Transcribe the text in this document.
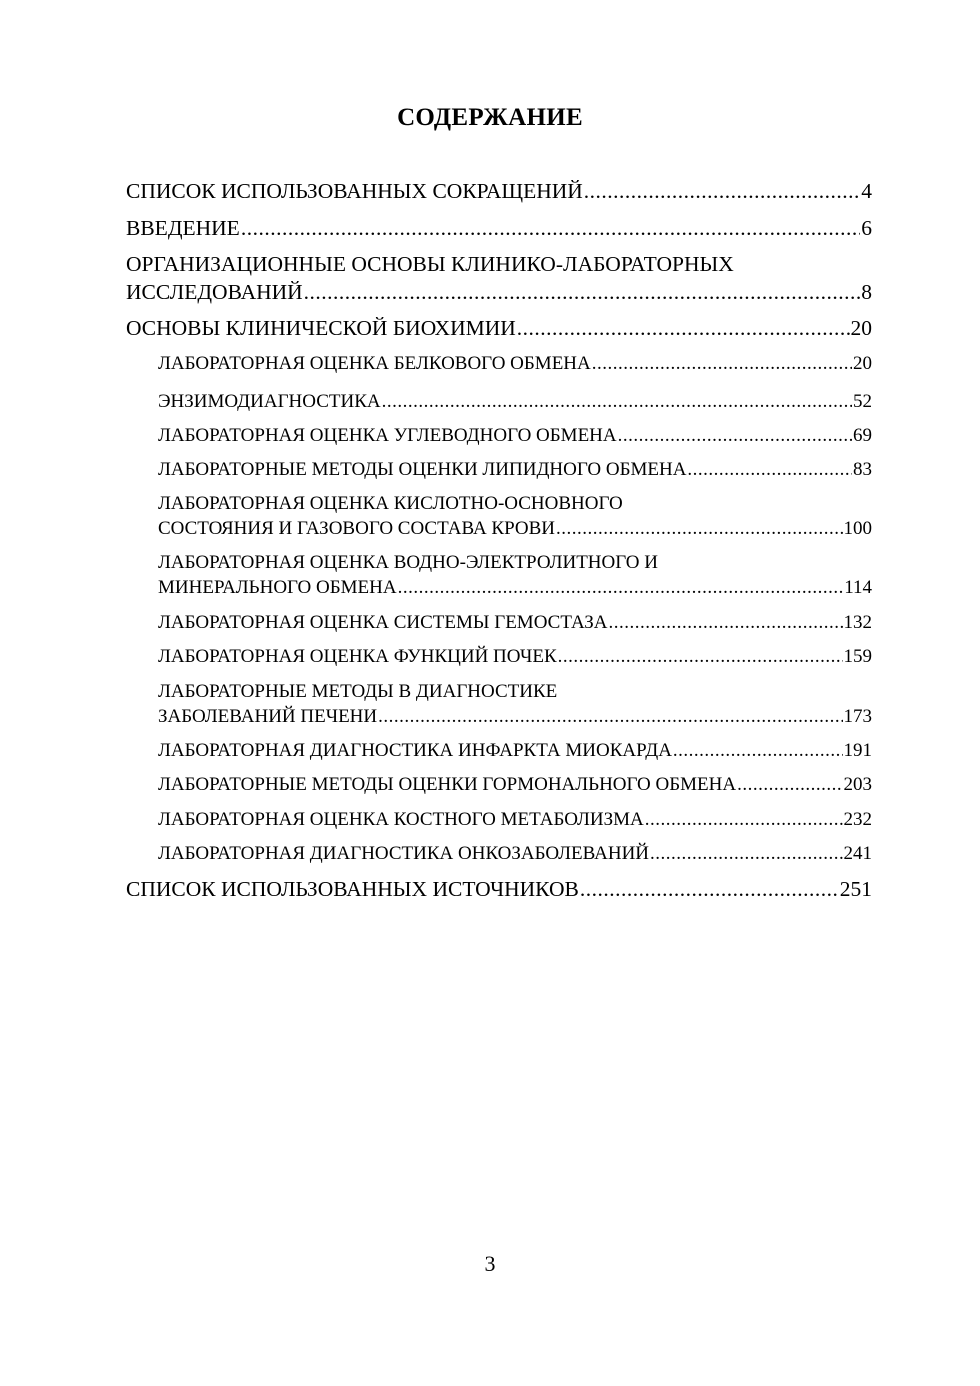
СОДЕРЖАНИЕ
СПИСОК ИСПОЛЬЗОВАННЫХ СОКРАЩЕНИЙ .....	4
ВВЕДЕНИЕ .....	6
ОРГАНИЗАЦИОННЫЕ ОСНОВЫ КЛИНИКО-ЛАБОРАТОРНЫХ
ИССЛЕДОВАНИЙ .....	8
ОСНОВЫ КЛИНИЧЕСКОЙ БИОХИМИИ .....	20
ЛАБОРАТОРНАЯ ОЦЕНКА БЕЛКОВОГО ОБМЕНА .....	20
ЭНЗИМОДИАГНОСТИКА .....	52
ЛАБОРАТОРНАЯ ОЦЕНКА УГЛЕВОДНОГО ОБМЕНА .....	69
ЛАБОРАТОРНЫЕ МЕТОДЫ ОЦЕНКИ ЛИПИДНОГО ОБМЕНА .....	83
ЛАБОРАТОРНАЯ ОЦЕНКА КИСЛОТНО-ОСНОВНОГО
СОСТОЯНИЯ И ГАЗОВОГО СОСТАВА КРОВИ .....	100
ЛАБОРАТОРНАЯ ОЦЕНКА ВОДНО-ЭЛЕКТРОЛИТНОГО И
МИНЕРАЛЬНОГО ОБМЕНА .....	114
ЛАБОРАТОРНАЯ ОЦЕНКА СИСТЕМЫ ГЕМОСТАЗА .....	132
ЛАБОРАТОРНАЯ ОЦЕНКА ФУНКЦИЙ ПОЧЕК .....	159
ЛАБОРАТОРНЫЕ МЕТОДЫ В ДИАГНОСТИКЕ
ЗАБОЛЕВАНИЙ ПЕЧЕНИ .....	173
ЛАБОРАТОРНАЯ ДИАГНОСТИКА ИНФАРКТА МИОКАРДА .....	191
ЛАБОРАТОРНЫЕ МЕТОДЫ ОЦЕНКИ ГОРМОНАЛЬНОГО ОБМЕНА .....	203
ЛАБОРАТОРНАЯ ОЦЕНКА КОСТНОГО МЕТАБОЛИЗМА .....	232
ЛАБОРАТОРНАЯ ДИАГНОСТИКА ОНКОЗАБОЛЕВАНИЙ .....	241
СПИСОК ИСПОЛЬЗОВАННЫХ ИСТОЧНИКОВ .....	251
3
